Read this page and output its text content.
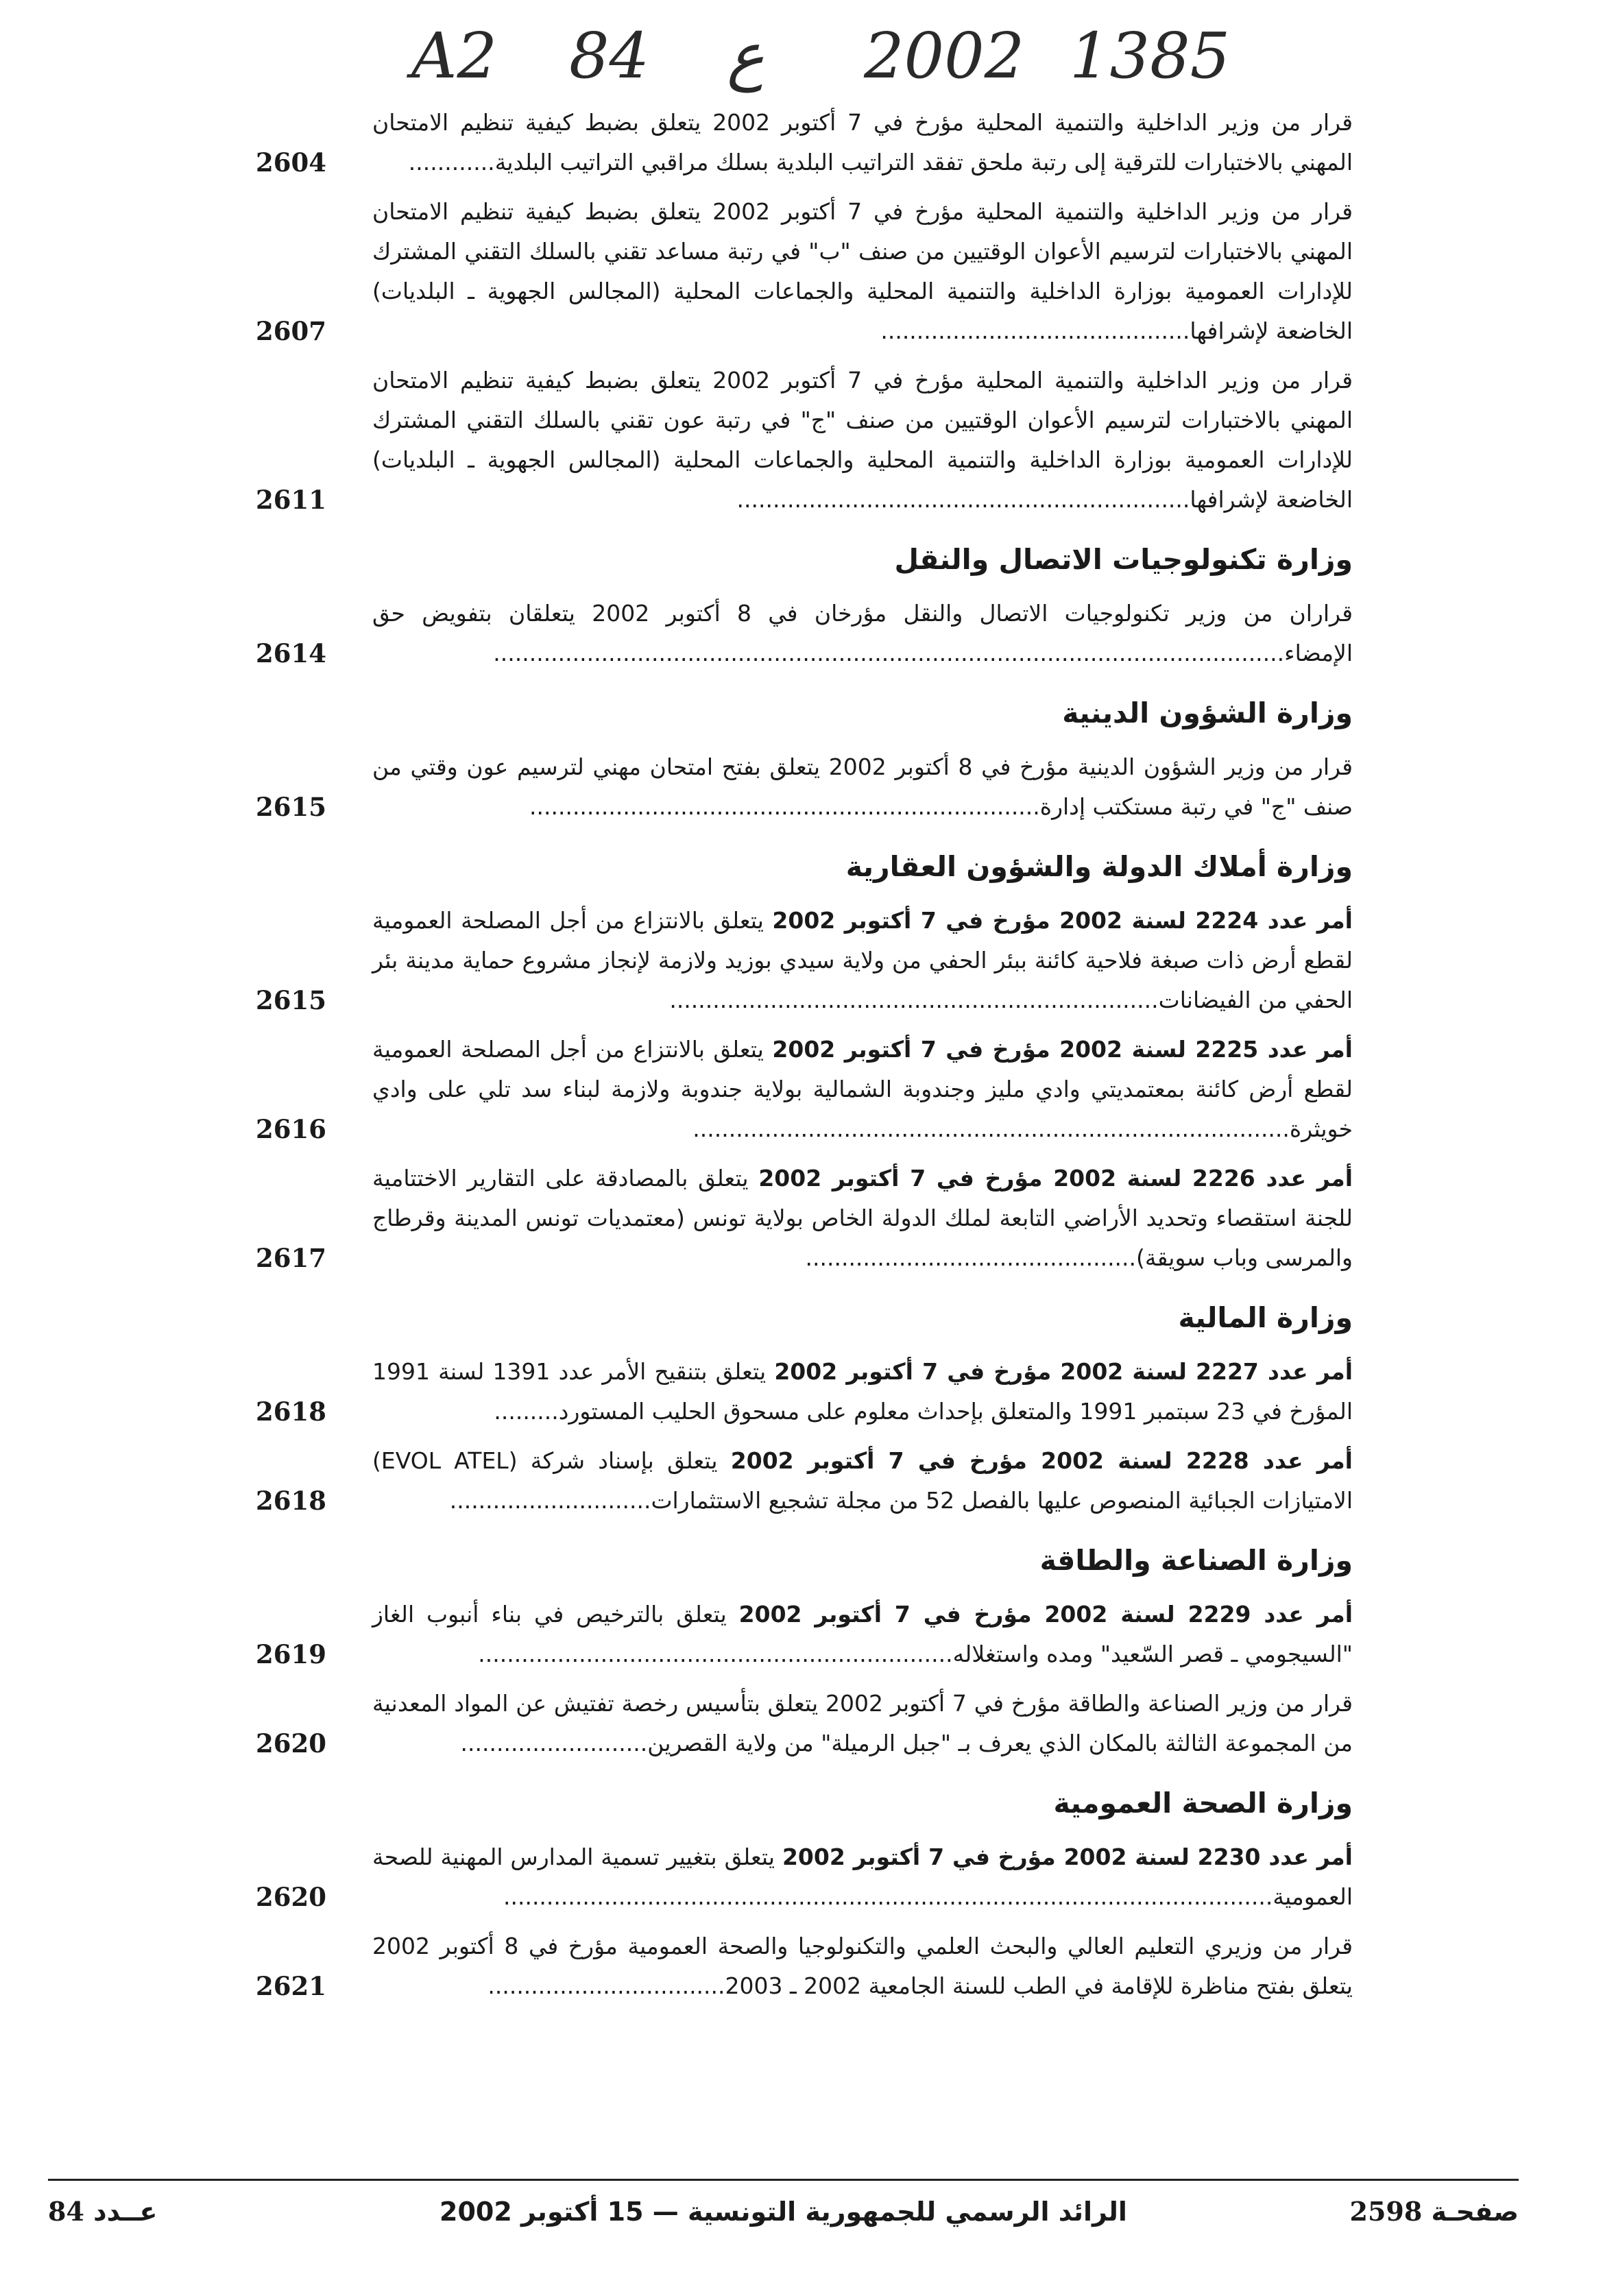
A2 84 ع 2002 1385
قرار من وزير الداخلية والتنمية المحلية مؤرخ في 7 أكتوبر 2002 يتعلق بضبط كيفية تنظيم الامتحان المهني بالاختبارات للترقية إلى رتبة ملحق تفقد التراتيب البلدية بسلك مراقبي التراتيب البلدية............
2604
قرار من وزير الداخلية والتنمية المحلية مؤرخ في 7 أكتوبر 2002 يتعلق بضبط كيفية تنظيم الامتحان المهني بالاختبارات لترسيم الأعوان الوقتيين من صنف "ب" في رتبة مساعد تقني بالسلك التقني المشترك للإدارات العمومية بوزارة الداخلية والتنمية المحلية والجماعات المحلية (المجالس الجهوية ـ البلديات) الخاضعة لإشرافها...........................................
2607
قرار من وزير الداخلية والتنمية المحلية مؤرخ في 7 أكتوبر 2002 يتعلق بضبط كيفية تنظيم الامتحان المهني بالاختبارات لترسيم الأعوان الوقتيين من صنف "ج" في رتبة عون تقني بالسلك التقني المشترك للإدارات العمومية بوزارة الداخلية والتنمية المحلية والجماعات المحلية (المجالس الجهوية ـ البلديات) الخاضعة لإشرافها...............................................................
2611
وزارة تكنولوجيات الاتصال والنقل
قراران من وزير تكنولوجيات الاتصال والنقل مؤرخان في 8 أكتوبر 2002 يتعلقان بتفويض حق الإمضاء..............................................................................................................
2614
وزارة الشؤون الدينية
قرار من وزير الشؤون الدينية مؤرخ في 8 أكتوبر 2002 يتعلق بفتح امتحان مهني لترسيم عون وقتي من صنف "ج" في رتبة مستكتب إدارة.......................................................................
2615
وزارة أملاك الدولة والشؤون العقارية
أمر عدد 2224 لسنة 2002 مؤرخ في 7 أكتوبر 2002 يتعلق بالانتزاع من أجل المصلحة العمومية لقطع أرض ذات صبغة فلاحية كائنة ببئر الحفي من ولاية سيدي بوزيد ولازمة لإنجاز مشروع حماية مدينة بئر الحفي من الفيضانات....................................................................
2615
أمر عدد 2225 لسنة 2002 مؤرخ في 7 أكتوبر 2002 يتعلق بالانتزاع من أجل المصلحة العمومية لقطع أرض كائنة بمعتمديتي وادي مليز وجندوبة الشمالية بولاية جندوبة ولازمة لبناء سد تلي على وادي خويثرة...................................................................................
2616
أمر عدد 2226 لسنة 2002 مؤرخ في 7 أكتوبر 2002 يتعلق بالمصادقة على التقارير الاختتامية للجنة استقصاء وتحديد الأراضي التابعة لملك الدولة الخاص بولاية تونس (معتمديات تونس المدينة وقرطاج والمرسى وباب سويقة)..............................................
2617
وزارة المالية
أمر عدد 2227 لسنة 2002 مؤرخ في 7 أكتوبر 2002 يتعلق بتنقيح الأمر عدد 1391 لسنة 1991 المؤرخ في 23 سبتمبر 1991 والمتعلق بإحداث معلوم على مسحوق الحليب المستورد.........
2618
أمر عدد 2228 لسنة 2002 مؤرخ في 7 أكتوبر 2002 يتعلق بإسناد شركة (EVOL ATEL) الامتيازات الجبائية المنصوص عليها بالفصل 52 من مجلة تشجيع الاستثمارات............................
2618
وزارة الصناعة والطاقة
أمر عدد 2229 لسنة 2002 مؤرخ في 7 أكتوبر 2002 يتعلق بالترخيص في بناء أنبوب الغاز "السيجومي ـ قصر السّعيد" ومده واستغلاله..................................................................
2619
قرار من وزير الصناعة والطاقة مؤرخ في 7 أكتوبر 2002 يتعلق بتأسيس رخصة تفتيش عن المواد المعدنية من المجموعة الثالثة بالمكان الذي يعرف بـ "جبل الرميلة" من ولاية القصرين..........................
2620
وزارة الصحة العمومية
أمر عدد 2230 لسنة 2002 مؤرخ في 7 أكتوبر 2002 يتعلق بتغيير تسمية المدارس المهنية للصحة العمومية...........................................................................................................
2620
قرار من وزيري التعليم العالي والبحث العلمي والتكنولوجيا والصحة العمومية مؤرخ في 8 أكتوبر 2002 يتعلق بفتح مناظرة للإقامة في الطب للسنة الجامعية 2002 ـ 2003.................................
2621
صفحـة 2598
الرائد الرسمي للجمهورية التونسية — 15 أكتوبر 2002
عــدد 84
